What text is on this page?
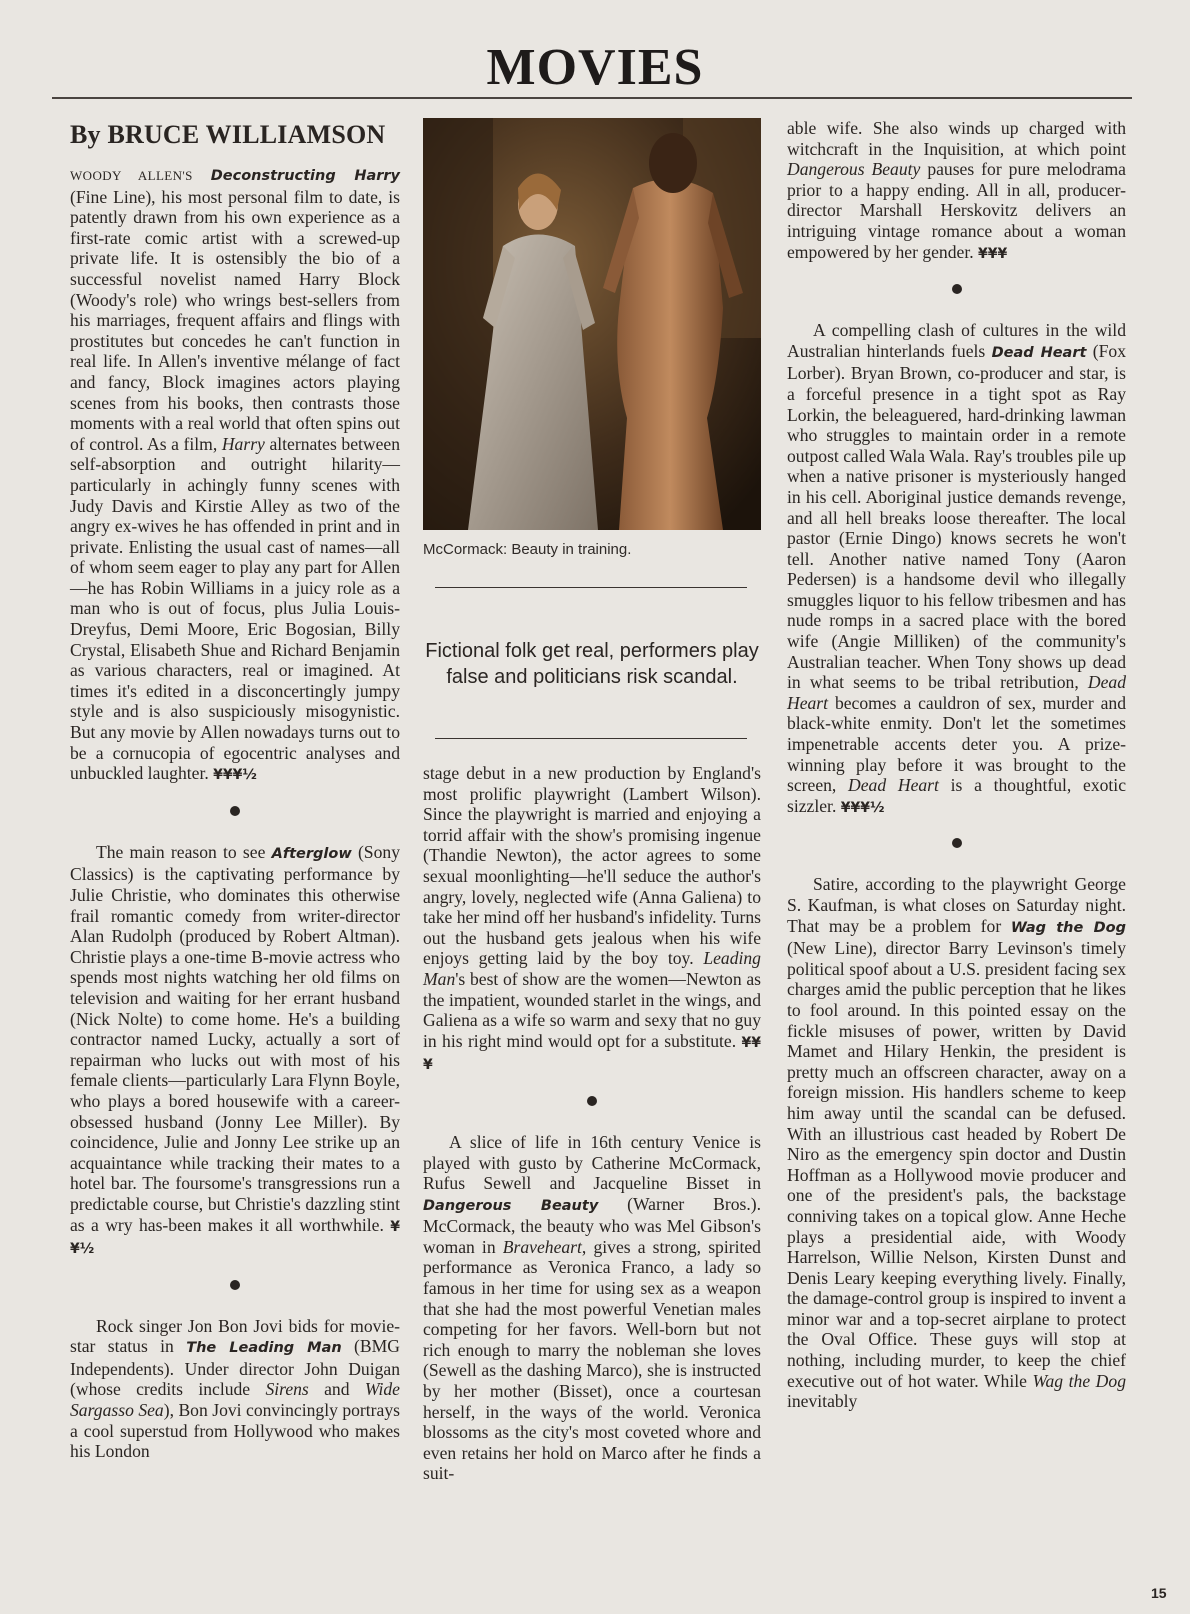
MOVIES
By BRUCE WILLIAMSON

WOODY ALLEN'S Deconstructing Harry (Fine Line), his most personal film to date, is patently drawn from his own experience as a first-rate comic artist with a screwed-up private life. It is ostensibly the bio of a successful novelist named Harry Block (Woody's role) who wrings best-sellers from his marriages, frequent affairs and flings with prostitutes but concedes he can't function in real life. In Allen's inventive mélange of fact and fancy, Block imagines actors playing scenes from his books, then contrasts those moments with a real world that often spins out of control. As a film, Harry alternates between self-absorption and outright hilarity—particularly in achingly funny scenes with Judy Davis and Kirstie Alley as two of the angry ex-wives he has offended in print and in private. Enlisting the usual cast of names—all of whom seem eager to play any part for Allen—he has Robin Williams in a juicy role as a man who is out of focus, plus Julia Louis-Dreyfus, Demi Moore, Eric Bogosian, Billy Crystal, Elisabeth Shue and Richard Benjamin as various characters, real or imagined. At times it's edited in a disconcertingly jumpy style and is also suspiciously misogynistic. But any movie by Allen nowadays turns out to be a cornucopia of egocentric analyses and unbuckled laughter. ¥¥¥½

The main reason to see Afterglow (Sony Classics) is the captivating performance by Julie Christie, who dominates this otherwise frail romantic comedy from writer-director Alan Rudolph (produced by Robert Altman). Christie plays a one-time B-movie actress who spends most nights watching her old films on television and waiting for her errant husband (Nick Nolte) to come home. He's a building contractor named Lucky, actually a sort of repairman who lucks out with most of his female clients—particularly Lara Flynn Boyle, who plays a bored housewife with a career-obsessed husband (Jonny Lee Miller). By coincidence, Julie and Jonny Lee strike up an acquaintance while tracking their mates to a hotel bar. The foursome's transgressions run a predictable course, but Christie's dazzling stint as a wry has-been makes it all worthwhile. ¥¥½

Rock singer Jon Bon Jovi bids for movie-star status in The Leading Man (BMG Independents). Under director John Duigan (whose credits include Sirens and Wide Sargasso Sea), Bon Jovi convincingly portrays a cool superstud from Hollywood who makes his London

McCormack: Beauty in training.
Fictional folk get real, performers play false and politicians risk scandal.

stage debut in a new production by England's most prolific playwright (Lambert Wilson). Since the playwright is married and enjoying a torrid affair with the show's promising ingenue (Thandie Newton), the actor agrees to some sexual moonlighting—he'll seduce the author's angry, lovely, neglected wife (Anna Galiena) to take her mind off her husband's infidelity. Turns out the husband gets jealous when his wife enjoys getting laid by the boy toy. Leading Man's best of show are the women—Newton as the impatient, wounded starlet in the wings, and Galiena as a wife so warm and sexy that no guy in his right mind would opt for a substitute. ¥¥¥

A slice of life in 16th century Venice is played with gusto by Catherine McCormack, Rufus Sewell and Jacqueline Bisset in Dangerous Beauty (Warner Bros.). McCormack, the beauty who was Mel Gibson's woman in Braveheart, gives a strong, spirited performance as Veronica Franco, a lady so famous in her time for using sex as a weapon that she had the most powerful Venetian males competing for her favors. Well-born but not rich enough to marry the nobleman she loves (Sewell as the dashing Marco), she is instructed by her mother (Bisset), once a courtesan herself, in the ways of the world. Veronica blossoms as the city's most coveted whore and even retains her hold on Marco after he finds a suit-

able wife. She also winds up charged with witchcraft in the Inquisition, at which point Dangerous Beauty pauses for pure melodrama prior to a happy ending. All in all, producer-director Marshall Herskovitz delivers an intriguing vintage romance about a woman empowered by her gender. ¥¥¥

A compelling clash of cultures in the wild Australian hinterlands fuels Dead Heart (Fox Lorber). Bryan Brown, co-producer and star, is a forceful presence in a tight spot as Ray Lorkin, the beleaguered, hard-drinking lawman who struggles to maintain order in a remote outpost called Wala Wala. Ray's troubles pile up when a native prisoner is mysteriously hanged in his cell. Aboriginal justice demands revenge, and all hell breaks loose thereafter. The local pastor (Ernie Dingo) knows secrets he won't tell. Another native named Tony (Aaron Pedersen) is a handsome devil who illegally smuggles liquor to his fellow tribesmen and has nude romps in a sacred place with the bored wife (Angie Milliken) of the community's Australian teacher. When Tony shows up dead in what seems to be tribal retribution, Dead Heart becomes a cauldron of sex, murder and black-white enmity. Don't let the sometimes impenetrable accents deter you. A prize-winning play before it was brought to the screen, Dead Heart is a thoughtful, exotic sizzler. ¥¥¥½

Satire, according to the playwright George S. Kaufman, is what closes on Saturday night. That may be a problem for Wag the Dog (New Line), director Barry Levinson's timely political spoof about a U.S. president facing sex charges amid the public perception that he likes to fool around. In this pointed essay on the fickle misuses of power, written by David Mamet and Hilary Henkin, the president is pretty much an offscreen character, away on a foreign mission. His handlers scheme to keep him away until the scandal can be defused. With an illustrious cast headed by Robert De Niro as the emergency spin doctor and Dustin Hoffman as a Hollywood movie producer and one of the president's pals, the backstage conniving takes on a topical glow. Anne Heche plays a presidential aide, with Woody Harrelson, Willie Nelson, Kirsten Dunst and Denis Leary keeping everything lively. Finally, the damage-control group is inspired to invent a minor war and a top-secret airplane to protect the Oval Office. These guys will stop at nothing, including murder, to keep the chief executive out of hot water. While Wag the Dog inevitably

15
